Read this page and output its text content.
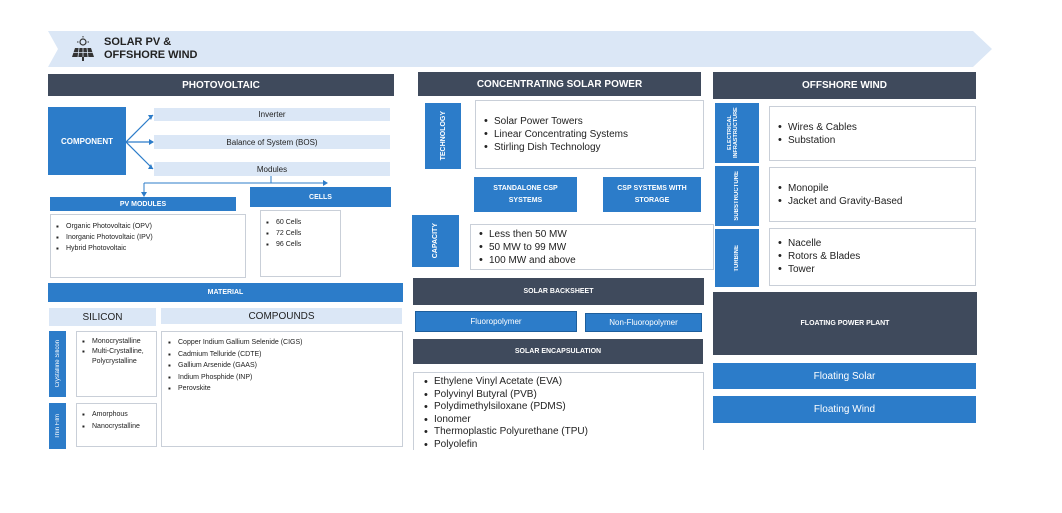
SOLAR PV &
OFFSHORE WIND
PHOTOVOLTAIC
COMPONENT
Inverter
Balance of System (BOS)
Modules
PV MODULES
▪ Organic Photovoltaic (OPV)
▪ Inorganic Photovoltaic (IPV)
▪ Hybrid Photovoltaic
CELLS
▪ 60 Cells
▪ 72 Cells
▪ 96 Cells
MATERIAL
SILICON
Crystalline Silicon	▪ Monocrystalline
▪ Multi-Crystalline, Polycrystalline
Thin Film	▪ Amorphous
▪ Nanocrystalline
COMPOUNDS
▪ Copper Indium Gallium Selenide (CIGS)
▪ Cadmium Telluride (CDTE)
▪ Gallium Arsenide (GAAS)
▪ Indium Phosphide (INP)
▪ Perovskite
CONCENTRATING SOLAR POWER
TECHNOLOGY	• Solar Power Towers
• Linear Concentrating Systems
• Stirling Dish Technology
STANDALONE CSP SYSTEMS
CSP SYSTEMS WITH STORAGE
CAPACITY	• Less then 50 MW
• 50 MW to 99 MW
• 100 MW and above
SOLAR BACKSHEET
Fluoropolymer	Non-Fluoropolymer
SOLAR ENCAPSULATION
• Ethylene Vinyl Acetate (EVA)
• Polyvinyl Butyral (PVB)
• Polydimethylsiloxane (PDMS)
• Ionomer
• Thermoplastic Polyurethane (TPU)
• Polyolefin
OFFSHORE WIND
ELECTRICAL INFRASTRUCTURE	• Wires & Cables
• Substation
SUBSTRUCTURE	• Monopile
• Jacket and Gravity-Based
TURBINE
• Nacelle
• Rotors & Blades
• Tower
FLOATING POWER PLANT
Floating Solar
Floating Wind
